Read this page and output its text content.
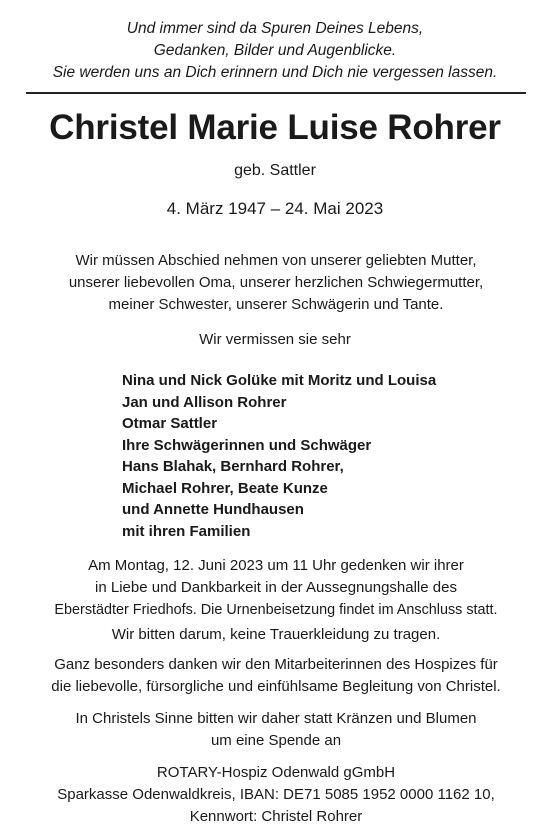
Und immer sind da Spuren Deines Lebens,
Gedanken, Bilder und Augenblicke.
Sie werden uns an Dich erinnern und Dich nie vergessen lassen.
Christel Marie Luise Rohrer
geb. Sattler
4. März 1947 – 24. Mai 2023
Wir müssen Abschied nehmen von unserer geliebten Mutter,
unserer liebevollen Oma, unserer herzlichen Schwiegermutter,
meiner Schwester, unserer Schwägerin und Tante.
Wir vermissen sie sehr
Nina und Nick Golüke mit Moritz und Louisa
Jan und Allison Rohrer
Otmar Sattler
Ihre Schwägerinnen und Schwäger
Hans Blahak, Bernhard Rohrer,
Michael Rohrer, Beate Kunze
und Annette Hundhausen
mit ihren Familien
Am Montag, 12. Juni 2023 um 11 Uhr gedenken wir ihrer
in Liebe und Dankbarkeit in der Aussegnungshalle des
Eberstädter Friedhofs. Die Urnenbeisetzung findet im Anschluss statt.
Wir bitten darum, keine Trauerkleidung zu tragen.
Ganz besonders danken wir den Mitarbeiterinnen des Hospizes für
die liebevolle, fürsorgliche und einfühlsame Begleitung von Christel.
In Christels Sinne bitten wir daher statt Kränzen und Blumen
um eine Spende an
ROTARY-Hospiz Odenwald gGmbH
Sparkasse Odenwaldkreis, IBAN: DE71 5085 1952 0000 1162 10,
Kennwort: Christel Rohrer
